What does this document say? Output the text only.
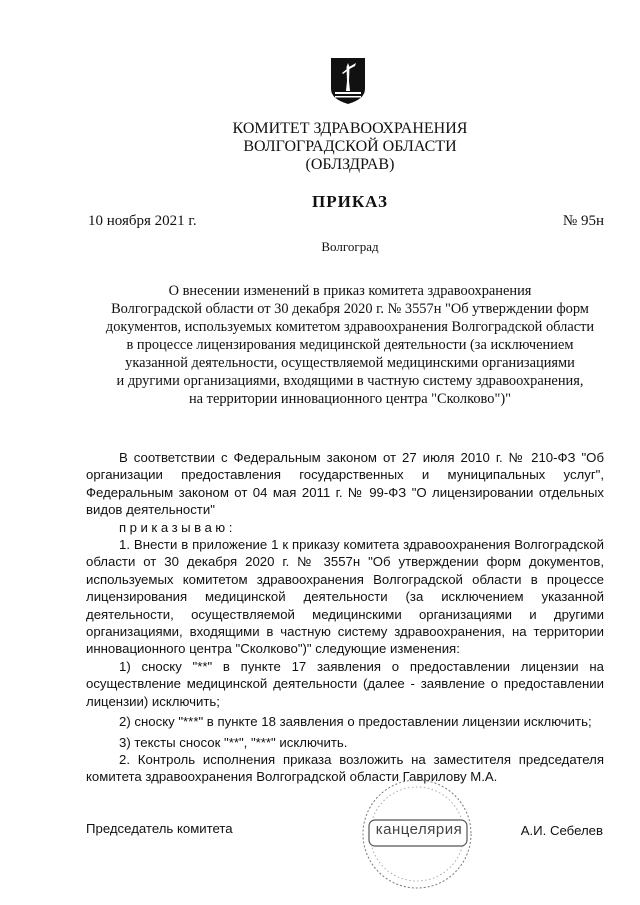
КОМИТЕТ ЗДРАВООХРАНЕНИЯ
ВОЛГОГРАДСКОЙ ОБЛАСТИ
(ОБЛЗДРАВ)
ПРИКАЗ
10 ноября 2021 г.	№ 95н
Волгоград
О внесении изменений в приказ комитета здравоохранения
Волгоградской области от 30 декабря 2020 г. № 3557н "Об утверждении форм
документов, используемых комитетом здравоохранения Волгоградской области
в процессе лицензирования медицинской деятельности (за исключением
указанной деятельности, осуществляемой медицинскими организациями
и другими организациями, входящими в частную систему здравоохранения,
на территории инновационного центра "Сколково")"

В соответствии с Федеральным законом от 27 июля 2010 г. № 210-ФЗ "Об организации предоставления государственных и муниципальных услуг", Федеральным законом от 04 мая 2011 г. № 99-ФЗ "О лицензировании отдельных видов деятельности"

приказываю:

1. Внести в приложение 1 к приказу комитета здравоохранения Волгоградской области от 30 декабря 2020 г. № 3557н "Об утверждении форм документов, используемых комитетом здравоохранения Волгоградской области в процессе лицензирования медицинской деятельности (за исключением указанной деятельности, осуществляемой медицинскими организациями и другими организациями, входящими в частную систему здравоохранения, на территории инновационного центра "Сколково")" следующие изменения:

1) сноску "**" в пункте 17 заявления о предоставлении лицензии на осуществление медицинской деятельности (далее - заявление о предоставлении лицензии) исключить;

2) сноску "***" в пункте 18 заявления о предоставлении лицензии исключить;

3) тексты сносок "**", "***" исключить.

2. Контроль исполнения приказа возложить на заместителя председателя комитета здравоохранения Волгоградской области Гаврилову М.А.

канцелярия
Председатель комитета	А.И. Себелев
